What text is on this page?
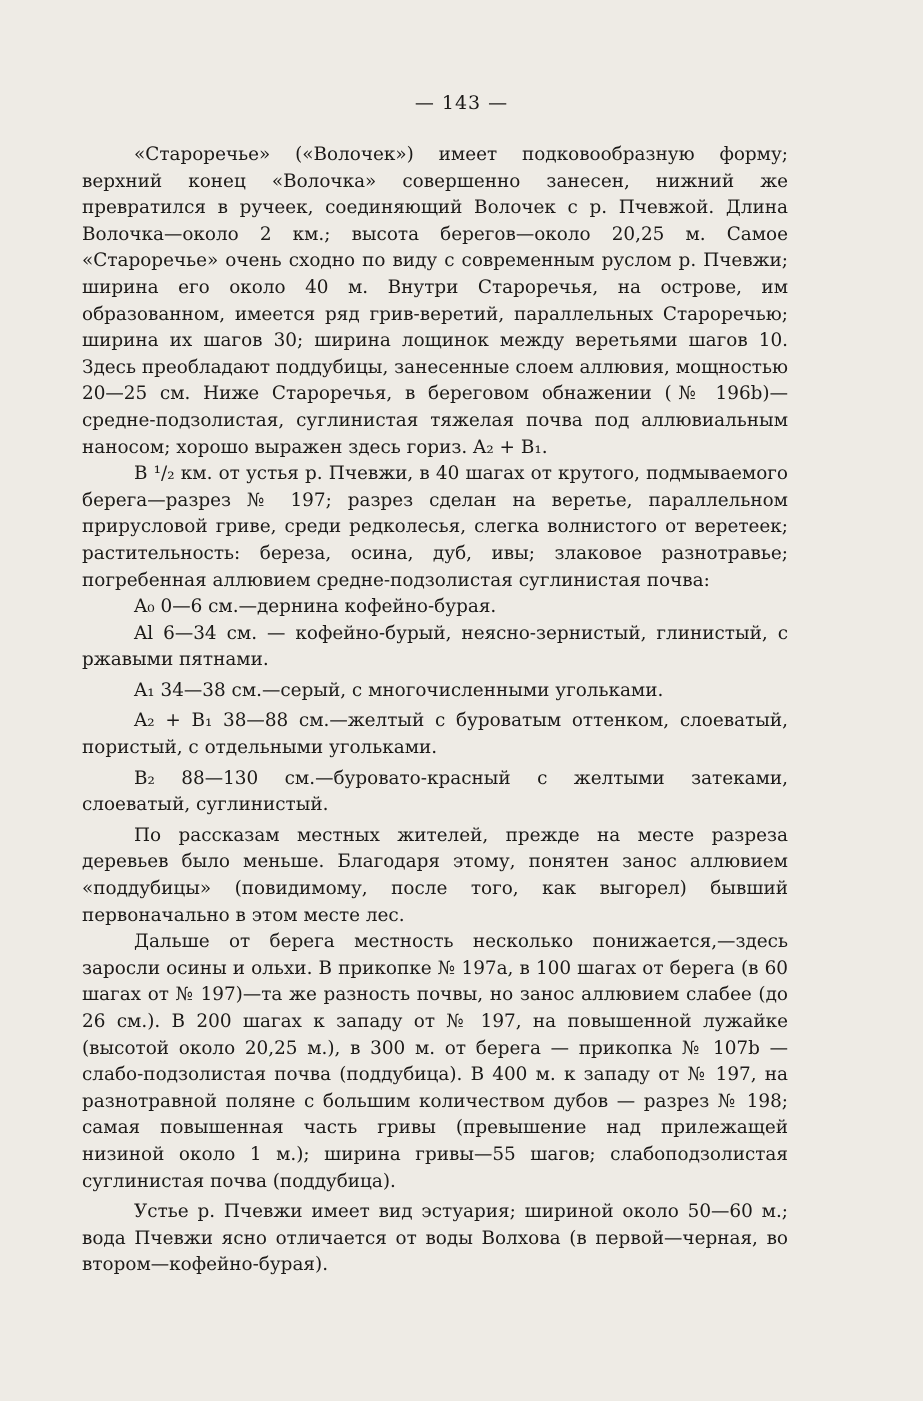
— 143 —

«Старoречье» («Волочек») имеет подковообразную форму; верхний конец «Волочка» совершенно занесен, нижний же превратился в ручеек, соединяющий Волочек с р. Пчевжой. Длина Волочка—около 2 км.; высота берегов—около 20,25 м. Самое «Старoречье» очень сходно по виду с современным руслом р. Пчевжи; ширина его около 40 м. Внутри Старoречья, на острове, им образованном, имеется ряд грив-веретий, параллельных Старoречью; ширина их шагов 30; ширина лощинок между веретьями шагов 10. Здесь преобладают поддубицы, занесенные слоем аллювия, мощностью 20—25 см. Ниже Старoречья, в береговом обнажении (№ 196b)—средне-подзолистая, суглинистая тяжелая почва под аллювиальным наносом; хорошо выражен здесь гориз. A₂ + B₁.

В ¹/₂ км. от устья р. Пчевжи, в 40 шагах от крутого, подмываемого берега—разрез № 197; разрез сделан на веретье, параллельном прирусловой гриве, среди редколесья, слегка волнистого от веретеек; растительность: береза, осина, дуб, ивы; злаковое разнотравье; погребенная аллювием средне-подзолистая суглинистая почва:

A₀ 0—6 см.—дернина кофейно-бурая.

Al 6—34 см. — кофейно-бурый, неясно-зернистый, глинистый, с ржавыми пятнами.

A₁ 34—38 см.—серый, с многочисленными угольками.

A₂ + B₁ 38—88 см.—желтый с буроватым оттенком, слоеватый, пористый, с отдельными угольками.

B₂ 88—130 см.—буровато-красный с желтыми затеками, слоеватый, суглинистый.

По рассказам местных жителей, прежде на месте разреза деревьев было меньше. Благодаря этому, понятен занос аллювием «поддубицы» (повидимому, после того, как выгорел) бывший первоначально в этом месте лес.

Дальше от берега местность несколько понижается,—здесь заросли осины и ольхи. В прикопке № 197a, в 100 шагах от берега (в 60 шагах от № 197)—та же разность почвы, но занос аллювием слабее (до 26 см.). В 200 шагах к западу от № 197, на повышенной лужайке (высотой около 20,25 м.), в 300 м. от берега — прикопка № 107b — слабо-подзолистая почва (поддубица). В 400 м. к западу от № 197, на разнотравной поляне с большим количеством дубов — разрез № 198; самая повышенная часть гривы (превышение над прилежащей низиной около 1 м.); ширина гривы—55 шагов; слабоподзолистая суглинистая почва (поддубица).

Устье р. Пчевжи имеет вид эстуария; шириной около 50—60 м.; вода Пчевжи ясно отличается от воды Волхова (в первой—черная, во втором—кофейно-бурая).
